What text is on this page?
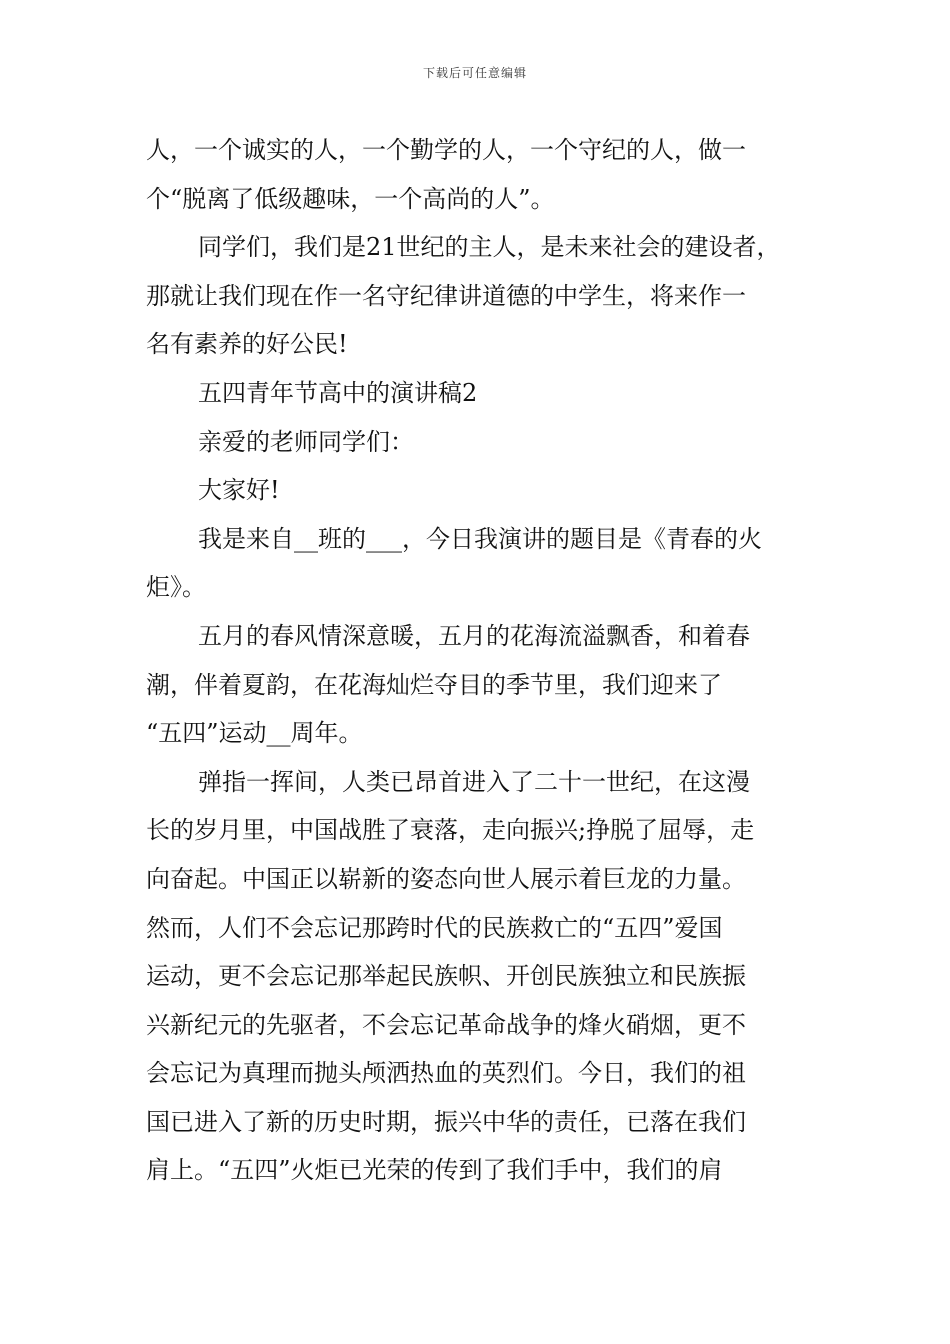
下载后可任意编辑
人，一个诚实的人，一个勤学的人，一个守纪的人，做一
个“脱离了低级趣味，一个高尚的人”。
同学们，我们是21世纪的主人，是未来社会的建设者，
那就让我们现在作一名守纪律讲道德的中学生，将来作一
名有素养的好公民!
五四青年节高中的演讲稿2
亲爱的老师同学们：
大家好!
我是来自__班的___，今日我演讲的题目是《青春的火
炬》。
五月的春风情深意暖，五月的花海流溢飘香，和着春
潮，伴着夏韵，在花海灿烂夺目的季节里，我们迎来了
“五四”运动__周年。
弹指一挥间，人类已昂首进入了二十一世纪，在这漫
长的岁月里，中国战胜了衰落，走向振兴;挣脱了屈辱，走
向奋起。中国正以崭新的姿态向世人展示着巨龙的力量。
然而，人们不会忘记那跨时代的民族救亡的“五四”爱国
运动，更不会忘记那举起民族帜、开创民族独立和民族振
兴新纪元的先驱者，不会忘记革命战争的烽火硝烟，更不
会忘记为真理而抛头颅洒热血的英烈们。今日，我们的祖
国已进入了新的历史时期，振兴中华的责任，已落在我们
肩上。“五四”火炬已光荣的传到了我们手中，我们的肩
